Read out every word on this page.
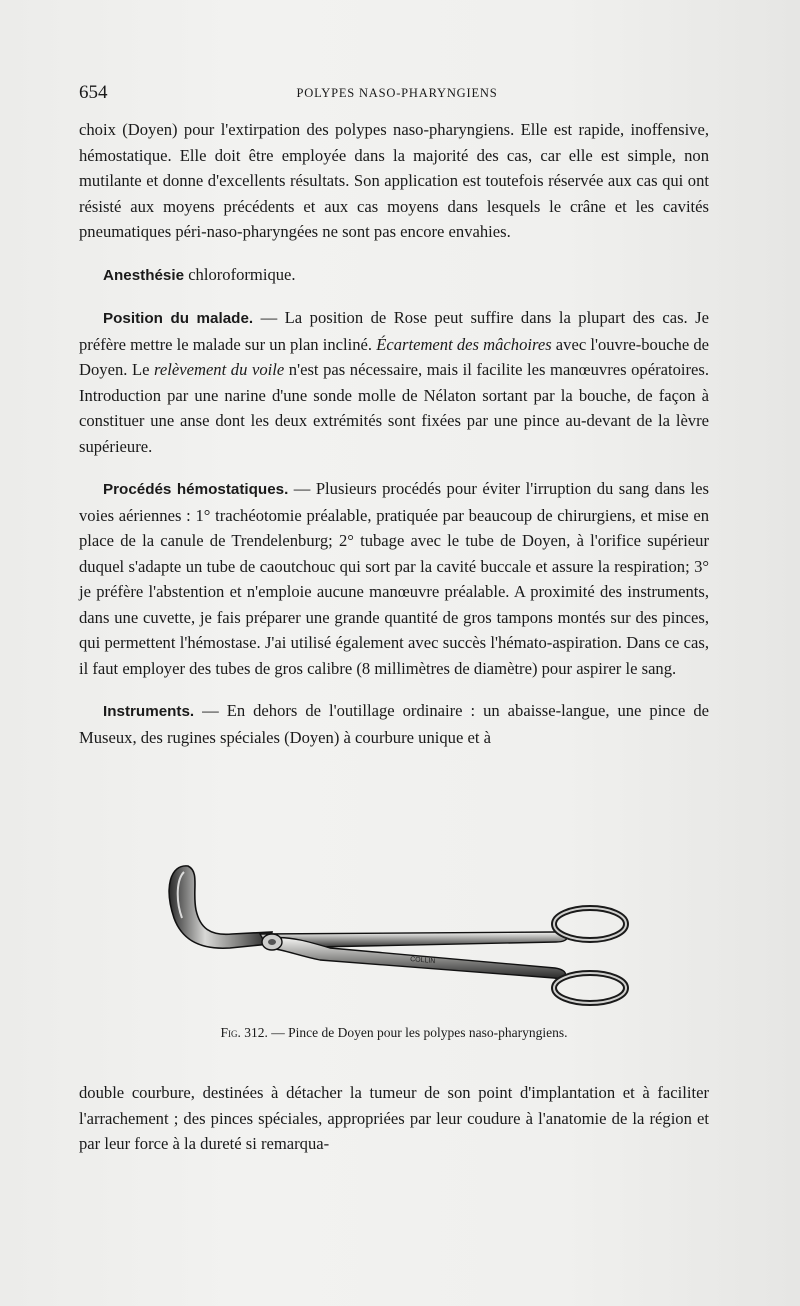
654	POLYPES NASO-PHARYNGIENS

choix (Doyen) pour l'extirpation des polypes naso-pharyngiens. Elle est rapide, inoffensive, hémostatique. Elle doit être employée dans la majorité des cas, car elle est simple, non mutilante et donne d'excellents résultats. Son application est toutefois réservée aux cas qui ont résisté aux moyens précédents et aux cas moyens dans lesquels le crâne et les cavités pneumatiques péri-naso-pharyngées ne sont pas encore envahies.

Anesthésie chloroformique.

Position du malade. — La position de Rose peut suffire dans la plupart des cas. Je préfère mettre le malade sur un plan incliné. Écartement des mâchoires avec l'ouvre-bouche de Doyen. Le relèvement du voile n'est pas nécessaire, mais il facilite les manœuvres opératoires. Introduction par une narine d'une sonde molle de Nélaton sortant par la bouche, de façon à constituer une anse dont les deux extrémités sont fixées par une pince au-devant de la lèvre supérieure.

Procédés hémostatiques. — Plusieurs procédés pour éviter l'irruption du sang dans les voies aériennes : 1° trachéotomie préalable, pratiquée par beaucoup de chirurgiens, et mise en place de la canule de Trendelenburg; 2° tubage avec le tube de Doyen, à l'orifice supérieur duquel s'adapte un tube de caoutchouc qui sort par la cavité buccale et assure la respiration; 3° je préfère l'abstention et n'emploie aucune manœuvre préalable. A proximité des instruments, dans une cuvette, je fais préparer une grande quantité de gros tampons montés sur des pinces, qui permettent l'hémostase. J'ai utilisé également avec succès l'hémato-aspiration. Dans ce cas, il faut employer des tubes de gros calibre (8 millimètres de diamètre) pour aspirer le sang.

Instruments. — En dehors de l'outillage ordinaire : un abaisse-langue, une pince de Museux, des rugines spéciales (Doyen) à courbure unique et à

COLLIN
Fig. 312. — Pince de Doyen pour les polypes naso-pharyngiens.

double courbure, destinées à détacher la tumeur de son point d'implantation et à faciliter l'arrachement ; des pinces spéciales, appropriées par leur coudure à l'anatomie de la région et par leur force à la dureté si remarqua-
